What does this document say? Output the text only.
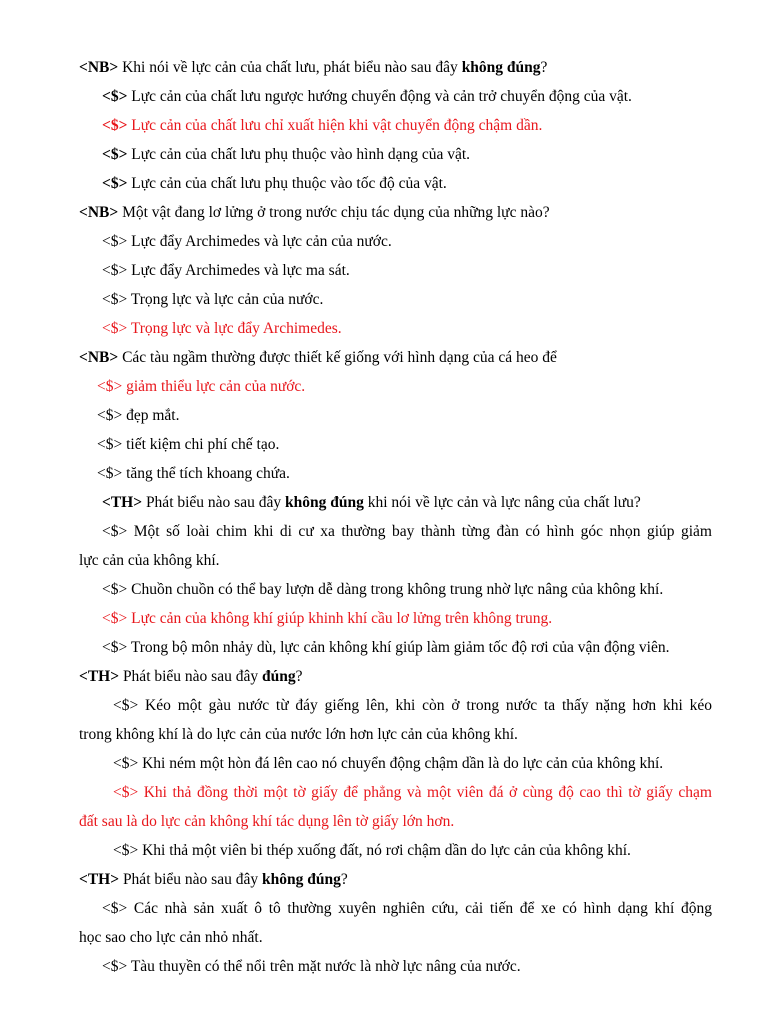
<NB> Khi nói về lực cản của chất lưu, phát biểu nào sau đây không đúng?
<$> Lực cản của chất lưu ngược hướng chuyển động và cản trở chuyển động của vật.
<$> Lực cản của chất lưu chỉ xuất hiện khi vật chuyển động chậm dần.
<$> Lực cản của chất lưu phụ thuộc vào hình dạng của vật.
<$> Lực cản của chất lưu phụ thuộc vào tốc độ của vật.
<NB> Một vật đang lơ lửng ở trong nước chịu tác dụng của những lực nào?
<$> Lực đẩy Archimedes và lực cản của nước.
<$> Lực đẩy Archimedes và lực ma sát.
<$> Trọng lực và lực cản của nước.
<$> Trọng lực và lực đẩy Archimedes.
<NB> Các tàu ngầm thường được thiết kế giống với hình dạng của cá heo để
<$> giảm thiểu lực cản của nước.
<$> đẹp mắt.
<$> tiết kiệm chi phí chế tạo.
<$> tăng thể tích khoang chứa.
<TH> Phát biểu nào sau đây không đúng khi nói về lực cản và lực nâng của chất lưu?
<$> Một số loài chim khi di cư xa thường bay thành từng đàn có hình góc nhọn giúp giảm
lực cản của không khí.
<$> Chuồn chuồn có thể bay lượn dễ dàng trong không trung nhờ lực nâng của không khí.
<$> Lực cản của không khí giúp khinh khí cầu lơ lửng trên không trung.
<$> Trong bộ môn nhảy dù, lực cản không khí giúp làm giảm tốc độ rơi của vận động viên.
<TH> Phát biểu nào sau đây đúng?
<$> Kéo một gàu nước từ đáy giếng lên, khi còn ở trong nước ta thấy nặng hơn khi kéo
trong không khí là do lực cản của nước lớn hơn lực cản của không khí.
<$> Khi ném một hòn đá lên cao nó chuyển động chậm dần là do lực cản của không khí.
<$> Khi thả đồng thời một tờ giấy để phẳng và một viên đá ở cùng độ cao thì tờ giấy chạm
đất sau là do lực cản không khí tác dụng lên tờ giấy lớn hơn.
<$> Khi thả một viên bi thép xuống đất, nó rơi chậm dần do lực cản của không khí.
<TH> Phát biểu nào sau đây không đúng?
<$> Các nhà sản xuất ô tô thường xuyên nghiên cứu, cải tiến để xe có hình dạng khí động
học sao cho lực cản nhỏ nhất.
<$> Tàu thuyền có thể nổi trên mặt nước là nhờ lực nâng của nước.
